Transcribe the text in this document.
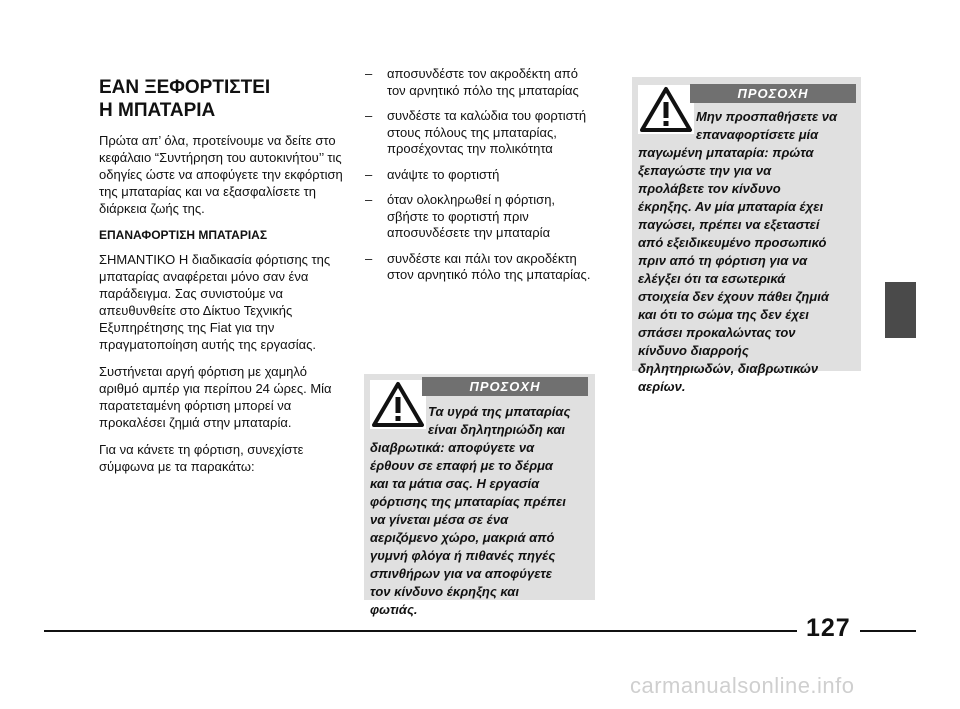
ΕΑΝ ΞΕΦΟΡΤΙΣΤΕΙ
Η ΜΠΑΤΑΡΙΑ

Πρώτα απ’ όλα, προτείνουμε να δείτε στο κεφάλαιο “Συντήρηση του αυτοκινήτου’’ τις οδηγίες ώστε να αποφύγετε την εκφόρτιση της μπαταρίας και να εξασφαλίσετε τη διάρκεια ζωής της.

ΕΠΑΝΑΦΟΡΤΙΣΗ ΜΠΑΤΑΡΙΑΣ

ΣΗΜΑΝΤΙΚΟ Η διαδικασία φόρτισης της μπαταρίας αναφέρεται μόνο σαν ένα παράδειγμα. Σας συνιστούμε να απευθυνθείτε στο Δίκτυο Τεχνικής Εξυπηρέτησης της Fiat για την πραγματοποίηση αυτής της εργασίας.

Συστήνεται αργή φόρτιση με χαμηλό αριθμό αμπέρ για περίπου 24 ώρες. Μία παρατεταμένη φόρτιση μπορεί να προκαλέσει ζημιά στην μπαταρία.

Για να κάνετε τη φόρτιση, συνεχίστε σύμφωνα με τα παρακάτω:

– αποσυνδέστε τον ακροδέκτη από τον αρνητικό πόλο της μπαταρίας
– συνδέστε τα καλώδια του φορτιστή στους πόλους της μπαταρίας, προσέχοντας την πολικότητα
– ανάψτε το φορτιστή
– όταν ολοκληρωθεί η φόρτιση, σβήστε το φορτιστή πριν αποσυνδέσετε την μπαταρία
– συνδέστε και πάλι τον ακροδέκτη στον αρνητικό πόλο της μπαταρίας.
ΠΡΟΣΟΧΗ
Τα υγρά της μπαταρίας
είναι δηλητηριώδη και
διαβρωτικά: αποφύγετε να
έρθουν σε επαφή με το δέρμα
και τα μάτια σας. Η εργασία
φόρτισης της μπαταρίας πρέπει
να γίνεται μέσα σε ένα
αεριζόμενο χώρο, μακριά από
γυμνή φλόγα ή πιθανές πηγές
σπινθήρων για να αποφύγετε
τον κίνδυνο έκρηξης και
φωτιάς.
ΠΡΟΣΟΧΗ
Μην προσπαθήσετε να
επαναφορτίσετε μία
παγωμένη μπαταρία: πρώτα
ξεπαγώστε την για να
προλάβετε τον κίνδυνο
έκρηξης. Αν μία μπαταρία έχει
παγώσει, πρέπει να εξεταστεί
από εξειδικευμένο προσωπικό
πριν από τη φόρτιση για να
ελέγξει ότι τα εσωτερικά
στοιχεία δεν έχουν πάθει ζημιά
και ότι το σώμα της δεν έχει
σπάσει προκαλώντας τον
κίνδυνο διαρροής
δηλητηριωδών, διαβρωτικών
αερίων.
127
carmanualsonline.info
